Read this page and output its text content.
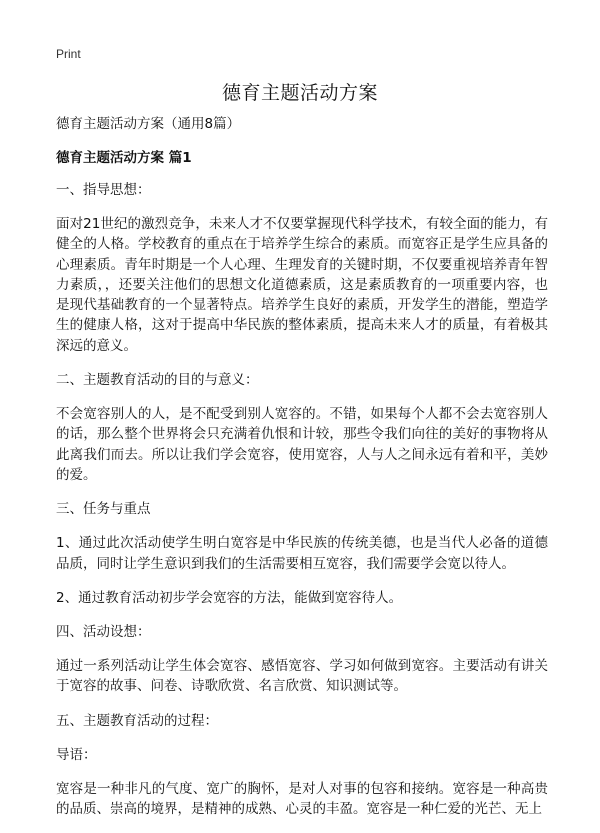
Print
德育主题活动方案

德育主题活动方案（通用8篇）

德育主题活动方案 篇1

一、指导思想：

面对21世纪的激烈竞争，未来人才不仅要掌握现代科学技术，有较全面的能力，有健全的人格。学校教育的重点在于培养学生综合的素质。而宽容正是学生应具备的心理素质。青年时期是一个人心理、生理发育的关键时期，不仅要重视培养青年智力素质，，还要关注他们的思想文化道德素质，这是素质教育的一项重要内容，也是现代基础教育的一个显著特点。培养学生良好的素质，开发学生的潜能，塑造学生的健康人格，这对于提高中华民族的整体素质，提高未来人才的质量，有着极其深远的意义。

二、主题教育活动的目的与意义：

不会宽容别人的人，是不配受到别人宽容的。不错，如果每个人都不会去宽容别人的话，那么整个世界将会只充满着仇恨和计较，那些令我们向往的美好的事物将从此离我们而去。所以让我们学会宽容，使用宽容，人与人之间永远有着和平，美妙的爱。

三、任务与重点

1、通过此次活动使学生明白宽容是中华民族的传统美德，也是当代人必备的道德品质，同时让学生意识到我们的生活需要相互宽容，我们需要学会宽以待人。

2、通过教育活动初步学会宽容的方法，能做到宽容待人。

四、活动设想：

通过一系列活动让学生体会宽容、感悟宽容、学习如何做到宽容。主要活动有讲关于宽容的故事、问卷、诗歌欣赏、名言欣赏、知识测试等。

五、主题教育活动的过程：

导语：

宽容是一种非凡的气度、宽广的胸怀，是对人对事的包容和接纳。宽容是一种高贵的品质、崇高的境界，是精神的成熟、心灵的丰盈。宽容是一种仁爱的光芒、无上
